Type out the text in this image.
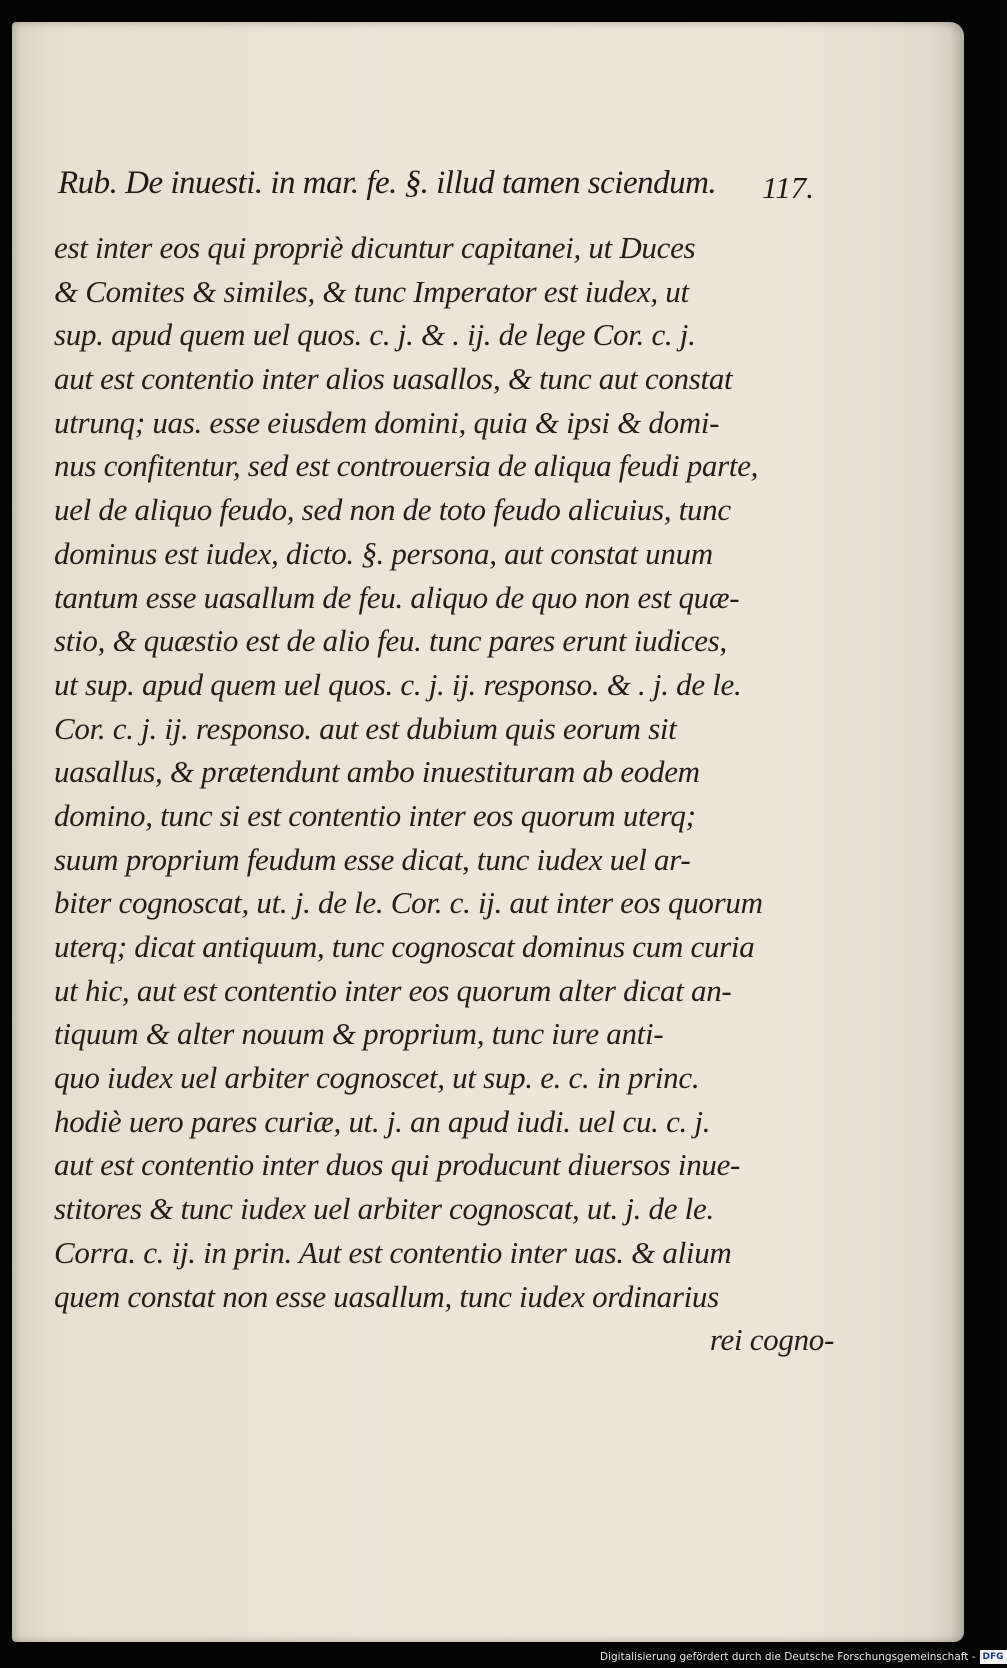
Rub. De inuesti. in mar. fe. §. illud tamen sciendum. 117.
est inter eos qui propriè dicuntur capitanei, ut Duces
& Comites & similes, & tunc Imperator est iudex, ut
sup. apud quem uel quos. c. j. & . ij. de lege Cor. c. j.
aut est contentio inter alios uasallos, & tunc aut constat
utrunq; uas. esse eiusdem domini, quia & ipsi & domi-
nus confitentur, sed est controuersia de aliqua feudi parte,
uel de aliquo feudo, sed non de toto feudo alicuius, tunc
dominus est iudex, dicto. §. persona, aut constat unum
tantum esse uasallum de feu. aliquo de quo non est quæ-
stio, & quæstio est de alio feu. tunc pares erunt iudices,
ut sup. apud quem uel quos. c. j. ij. responso. & . j. de le.
Cor. c. j. ij. responso. aut est dubium quis eorum sit
uasallus, & prætendunt ambo inuestituram ab eodem
domino, tunc si est contentio inter eos quorum uterq;
suum proprium feudum esse dicat, tunc iudex uel ar-
biter cognoscat, ut. j. de le. Cor. c. ij. aut inter eos quorum
uterq; dicat antiquum, tunc cognoscat dominus cum curia
ut hic, aut est contentio inter eos quorum alter dicat an-
tiquum & alter nouum & proprium, tunc iure anti-
quo iudex uel arbiter cognoscet, ut sup. e. c. in princ.
hodiè uero pares curiæ, ut. j. an apud iudi. uel cu. c. j.
aut est contentio inter duos qui producunt diuersos inue-
stitores & tunc iudex uel arbiter cognoscat, ut. j. de le.
Corra. c. ij. in prin. Aut est contentio inter uas. & alium
quem constat non esse uasallum, tunc iudex ordinarius
rei cogno-
Digitalisierung gefördert durch die Deutsche Forschungsgemeinschaft - DFG
